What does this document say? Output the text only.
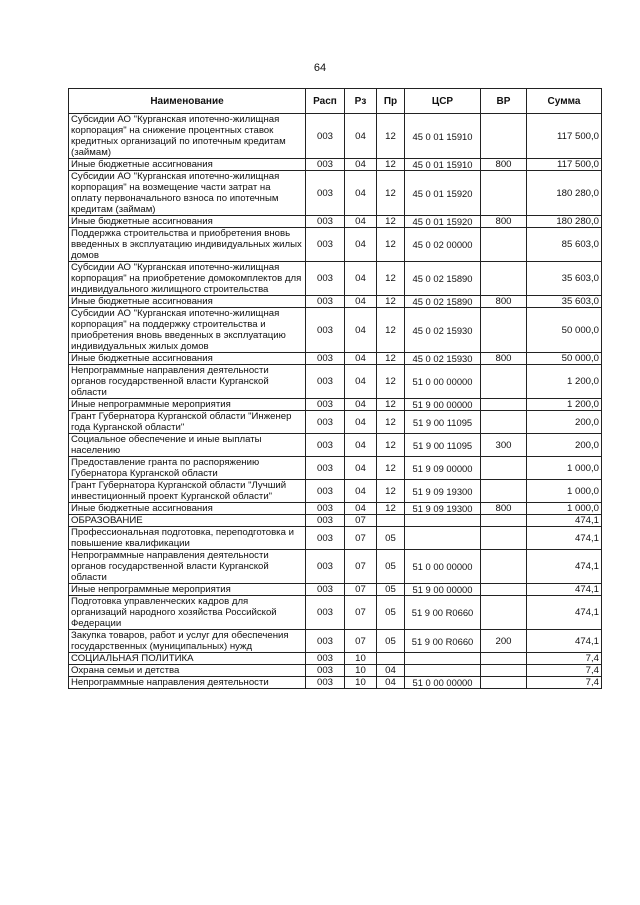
64
Наименование	Расп	Рз	Пр	ЦСР	ВР	Сумма
Субсидии АО "Курганская ипотечно-жилищная корпорация" на снижение процентных ставок кредитных организаций по ипотечным кредитам (займам)	003	04	12	45 0 01 15910		117 500,0
Иные бюджетные ассигнования	003	04	12	45 0 01 15910	800	117 500,0
Субсидии АО "Курганская ипотечно-жилищная корпорация" на возмещение части затрат на оплату первоначального взноса по ипотечным кредитам (займам)	003	04	12	45 0 01 15920		180 280,0
Иные бюджетные ассигнования	003	04	12	45 0 01 15920	800	180 280,0
Поддержка строительства и приобретения вновь введенных в эксплуатацию индивидуальных жилых домов	003	04	12	45 0 02 00000		85 603,0
Субсидии АО "Курганская ипотечно-жилищная корпорация" на приобретение домокомплектов для индивидуального жилищного строительства	003	04	12	45 0 02 15890		35 603,0
Иные бюджетные ассигнования	003	04	12	45 0 02 15890	800	35 603,0
Субсидии АО "Курганская ипотечно-жилищная корпорация" на поддержку строительства и приобретения вновь введенных в эксплуатацию индивидуальных жилых домов	003	04	12	45 0 02 15930		50 000,0
Иные бюджетные ассигнования	003	04	12	45 0 02 15930	800	50 000,0
Непрограммные направления деятельности органов государственной власти Курганской области	003	04	12	51 0 00 00000		1 200,0
Иные непрограммные мероприятия	003	04	12	51 9 00 00000		1 200,0
Грант Губернатора Курганской области "Инженер года Курганской области"	003	04	12	51 9 00 11095		200,0
Социальное обеспечение и иные выплаты населению	003	04	12	51 9 00 11095	300	200,0
Предоставление гранта по распоряжению Губернатора Курганской области	003	04	12	51 9 09 00000		1 000,0
Грант Губернатора Курганской области "Лучший инвестиционный проект Курганской области"	003	04	12	51 9 09 19300		1 000,0
Иные бюджетные ассигнования	003	04	12	51 9 09 19300	800	1 000,0
ОБРАЗОВАНИЕ	003	07				474,1
Профессиональная подготовка, переподготовка и повышение квалификации	003	07	05			474,1
Непрограммные направления деятельности органов государственной власти Курганской области	003	07	05	51 0 00 00000		474,1
Иные непрограммные мероприятия	003	07	05	51 9 00 00000		474,1
Подготовка управленческих кадров для организаций народного хозяйства Российской Федерации	003	07	05	51 9 00 R0660		474,1
Закупка товаров, работ и услуг для обеспечения государственных (муниципальных) нужд	003	07	05	51 9 00 R0660	200	474,1
СОЦИАЛЬНАЯ ПОЛИТИКА	003	10				7,4
Охрана семьи и детства	003	10	04			7,4
Непрограммные направления деятельности	003	10	04	51 0 00 00000		7,4
